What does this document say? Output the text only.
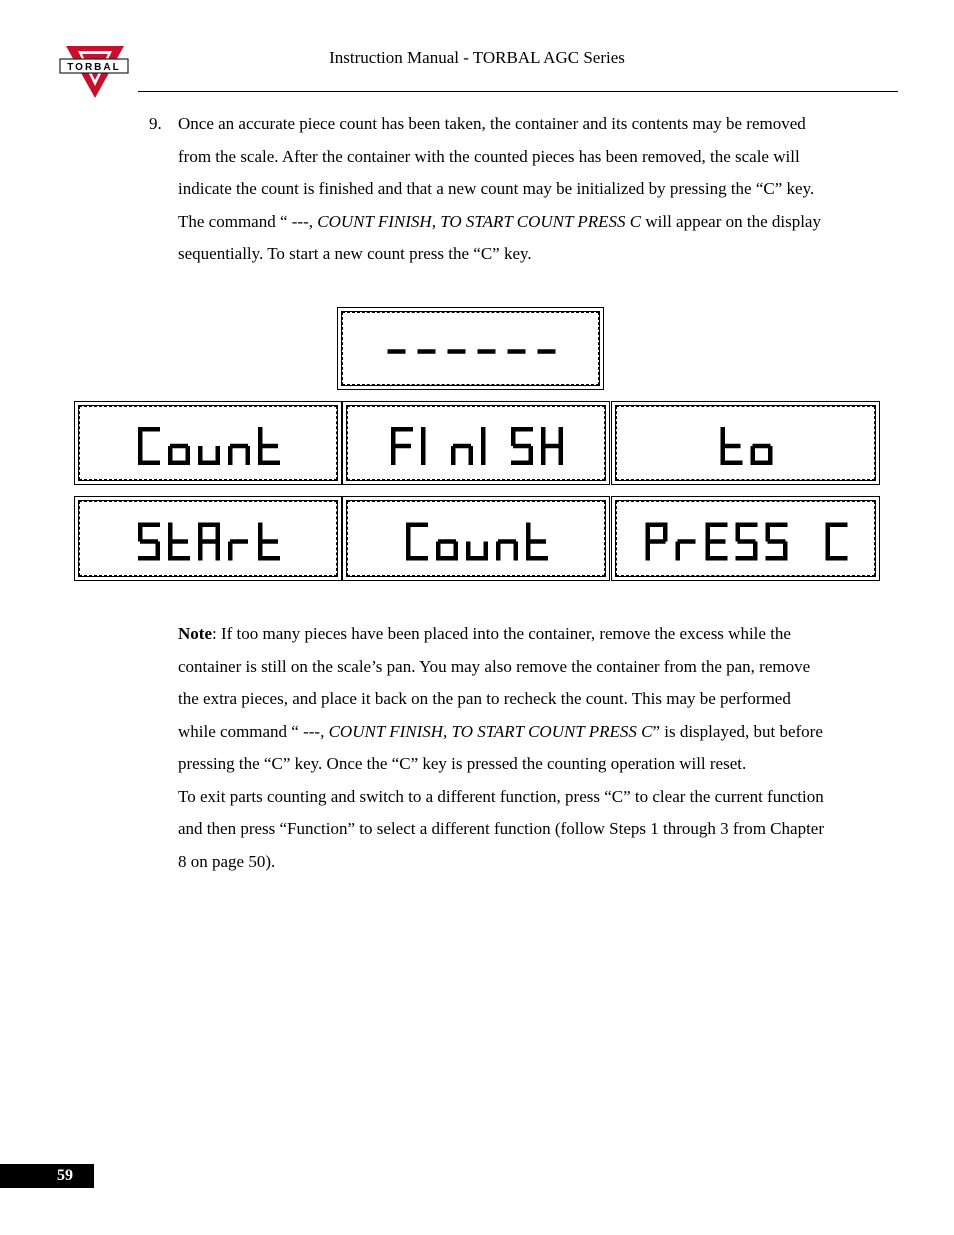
TORBAL
Instruction Manual - TORBAL AGC Series
9. Once an accurate piece count has been taken, the container and its contents may be removed
from the scale. After the container with the counted pieces has been removed, the scale will
indicate the count is finished and that a new count may be initialized by pressing the “C” key.
The command “ ---, COUNT FINISH, TO START COUNT PRESS C will appear on the display
sequentially. To start a new count press the “C” key.
Note: If too many pieces have been placed into the container, remove the excess while the
container is still on the scale’s pan. You may also remove the container from the pan, remove
the extra pieces, and place it back on the pan to recheck the count. This may be performed
while command “ ---, COUNT FINISH, TO START COUNT PRESS C” is displayed, but before
pressing the “C” key. Once the “C” key is pressed the counting operation will reset.
To exit parts counting and switch to a different function, press “C” to clear the current function
and then press “Function” to select a different function (follow Steps 1 through 3 from Chapter
8 on page 50).
59
